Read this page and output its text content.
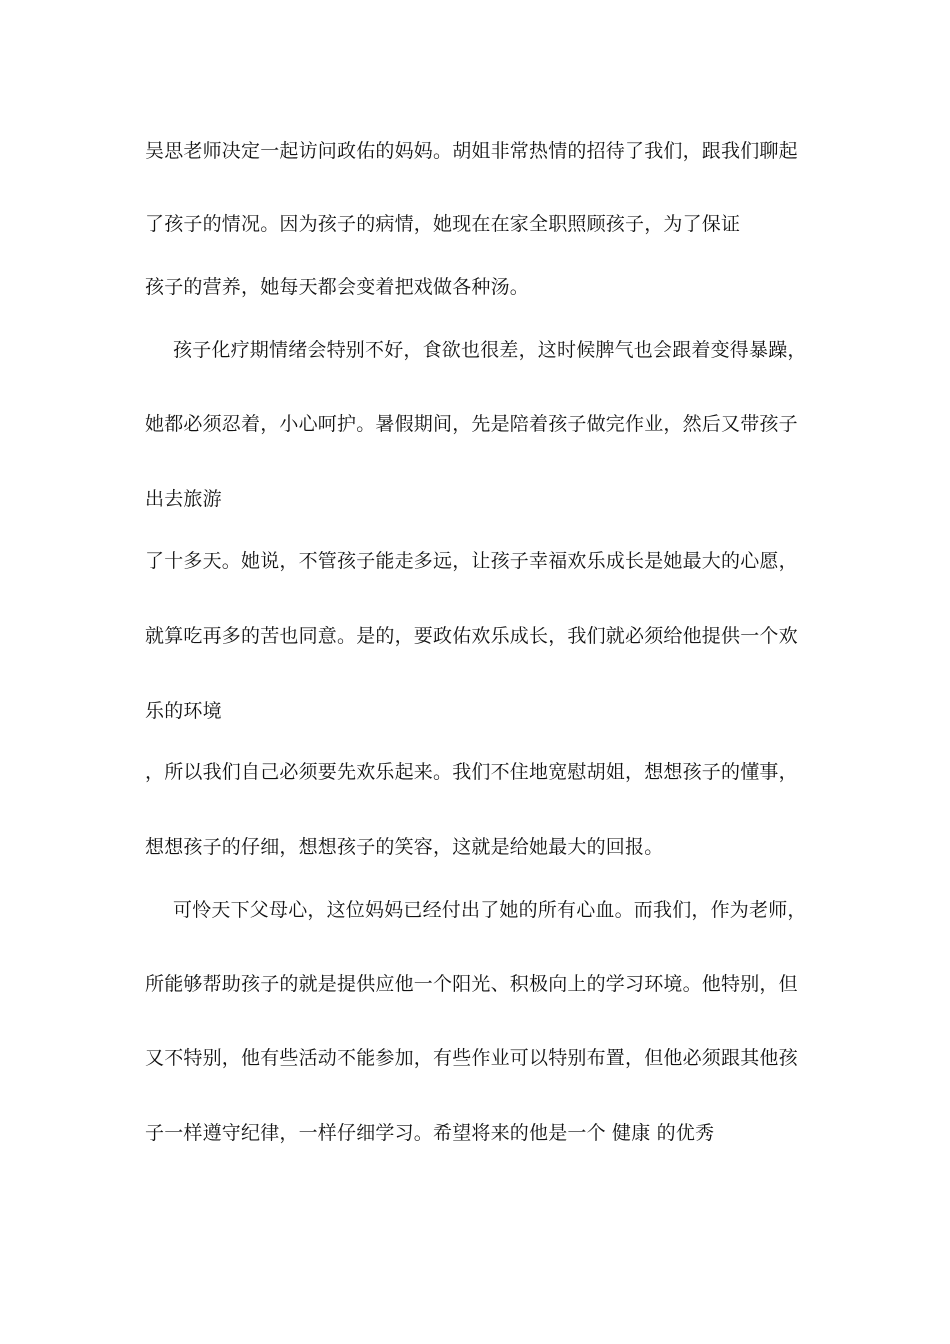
吴思老师决定一起访问政佑的妈妈。胡姐非常热情的招待了我们，跟我们聊起
了孩子的情况。因为孩子的病情，她现在在家全职照顾孩子，为了保证
孩子的营养，她每天都会变着把戏做各种汤。
孩子化疗期情绪会特别不好，食欲也很差，这时候脾气也会跟着变得暴躁，
她都必须忍着，小心呵护。暑假期间，先是陪着孩子做完作业，然后又带孩子
出去旅游
了十多天。她说，不管孩子能走多远，让孩子幸福欢乐成长是她最大的心愿，
就算吃再多的苦也同意。是的，要政佑欢乐成长，我们就必须给他提供一个欢
乐的环境
，所以我们自己必须要先欢乐起来。我们不住地宽慰胡姐，想想孩子的懂事，
想想孩子的仔细，想想孩子的笑容，这就是给她最大的回报。
可怜天下父母心，这位妈妈已经付出了她的所有心血。而我们，作为老师，
所能够帮助孩子的就是提供应他一个阳光、积极向上的学习环境。他特别，但
又不特别，他有些活动不能参加，有些作业可以特别布置，但他必须跟其他孩
子一样遵守纪律，一样仔细学习。希望将来的他是一个 健康 的优秀
